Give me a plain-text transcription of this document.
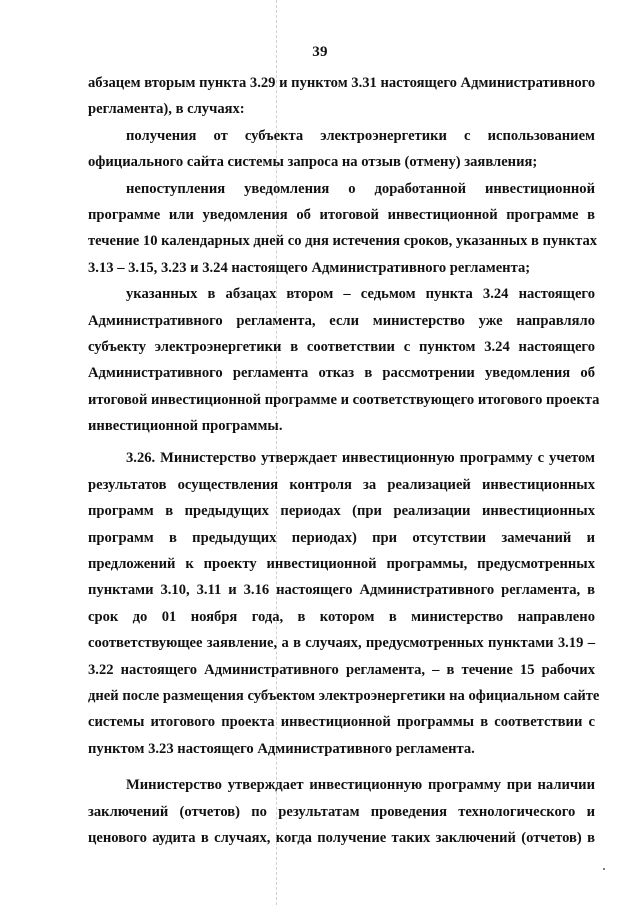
39
абзацем вторым пункта 3.29 и пунктом 3.31 настоящего Административного
регламента), в случаях:
получения от субъекта электроэнергетики с использованием
официального сайта системы запроса на отзыв (отмену) заявления;
непоступления уведомления о доработанной инвестиционной
программе или уведомления об итоговой инвестиционной программе в
течение 10 календарных дней со дня истечения сроков, указанных в пунктах
3.13 – 3.15, 3.23 и 3.24 настоящего Административного регламента;
указанных в абзацах втором – седьмом пункта 3.24 настоящего
Административного регламента, если министерство уже направляло
субъекту электроэнергетики в соответствии с пунктом 3.24 настоящего
Административного регламента отказ в рассмотрении уведомления об
итоговой инвестиционной программе и соответствующего итогового проекта
инвестиционной программы.
3.26. Министерство утверждает инвестиционную программу с учетом
результатов осуществления контроля за реализацией инвестиционных
программ в предыдущих периодах (при реализации инвестиционных
программ в предыдущих периодах) при отсутствии замечаний и
предложений к проекту инвестиционной программы, предусмотренных
пунктами 3.10, 3.11 и 3.16 настоящего Административного регламента, в
срок до 01 ноября года, в котором в министерство направлено
соответствующее заявление, а в случаях, предусмотренных пунктами 3.19 –
3.22 настоящего Административного регламента, – в течение 15 рабочих
дней после размещения субъектом электроэнергетики на официальном сайте
системы итогового проекта инвестиционной программы в соответствии с
пунктом 3.23 настоящего Административного регламента.
Министерство утверждает инвестиционную программу при наличии
заключений (отчетов) по результатам проведения технологического и
ценового аудита в случаях, когда получение таких заключений (отчетов) в
